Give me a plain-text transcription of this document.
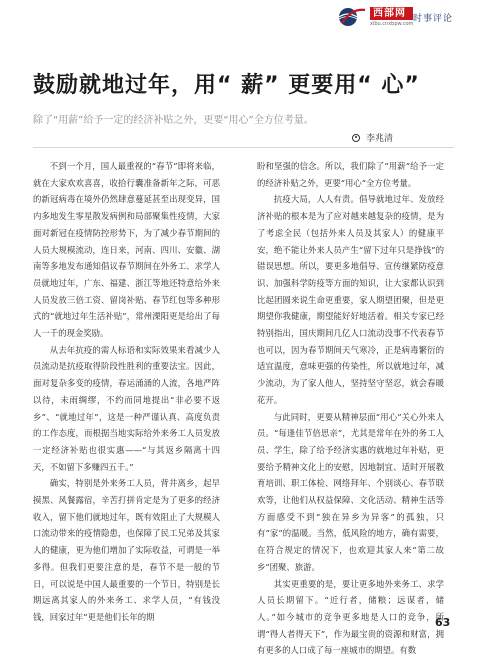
西部网
xibu.cnxbpw.com 时事评论
鼓励就地过年，用“ 薪” 更要用“ 心”
除了“用薪”给予一定的经济补贴之外，更要“用心”全方位考量。
李兆清

不到一个月，国人最重视的“春节”即将来临，就在大家欢欢喜喜，收拾行囊准备新年之际，可恶的新冠病毒在境外仍然肆意蔓延甚至出现变异，国内多地发生零星散发病例和局部聚集性疫情，大家面对新冠在疫情防控形势下，为了减少春节期间的人员大规模流动，连日来，河南、四川、安徽、湖南等多地发布通知倡议春节期间在外务工、求学人员就地过年，广东、福建、浙江等地还特意给外来人员发放三倍工资、留岗补贴、春节红包等多种形式的“就地过年生活补贴”，常州溧阳更是给出了每人一千的现金奖励。

从去年抗疫的需人标语和实际效果来看减少人员流动是抗疫取得阶段性胜利的重要法宝。因此，面对复杂多变的疫情，春运涌涌的人流，各地严阵以待，未雨绸缪，不约而同地提出“非必要不返乡”、“就地过年”，这是一种严谨认真、高度负责的工作态度，而根据当地实际给外来务工人员发放一定经济补贴也很实惠——“与其返乡隔离十四天，不如留下多赚四五千。”

确实，特别是外来务工人员，背井离乡，起早摸黑、风餐露宿，辛苦打拼肯定是为了更多的经济收入，留下他们就地过年，既有效阻止了大规模人口流动带来的疫情隐患，也保障了民工兄弟及其家人的健康，更为他们增加了实际收益，可谓是一举多得。但我们更要注意的是，春节不是一般的节日，可以说是中国人最重要的一个节日，特别是长期远离其家人的外来务工、求学人员，“有钱没钱，回家过年”更是他们长年的期

盼和坚强的信念。所以，我们除了“用薪”给予一定的经济补贴之外，更要“用心”全方位考量。

抗疫大局，人人有责。倡导就地过年、发放经济补贴的根本是为了应对越来越复杂的疫情，是为了考虑全民（包括外来人员及其家人）的健康平安，绝不能让外来人员产生“留下过年只是挣钱”的错误思想。所以，要更多地倡导、宣传继紧防疫意识、加强科学防疫等方面的知识，让大家都认识到比起团圆来说生命更重要，家人期望团聚，但是更期望你我健康，期望能好好地活着。相关专家已经特别指出，国庆期间几亿人口流动没事不代表春节也可以，因为春节期间天气寒冷，正是病毒繁衍的适宜温度，意味更强的传染性，所以就地过年，减少流动，为了家人他人，坚持坚守坚忍，就会春暖花开。

与此同时，更要从精神层面“用心”关心外来人员。“每逢佳节倍思亲”，尤其是常年在外的务工人员、学生，除了给予经济实惠的就地过年补贴，更要给予精神文化上的安慰，因地制宜、适时开展教育培训、职工体检、网络拜年、个别谈心、春节联欢等，让他们从权益保障、文化活动、精神生活等方面感受不到“独在异乡为异客”的孤独，只有“家”的温暖。当然，低风险的地方，确有需要，在符合规定的情况下，也欢迎其家人来“第二故乡”团聚、旅游。

其实更重要的是，要让更多地外来务工、求学人员长期留下。“近行者，储粮；远谋者，储人。”如今城市的竞争更多地是人口的竞争，所谓“得人者得天下”，作为最宝贵的资源和财富，拥有更多的人口成了每一座城市的期望。有数

63
